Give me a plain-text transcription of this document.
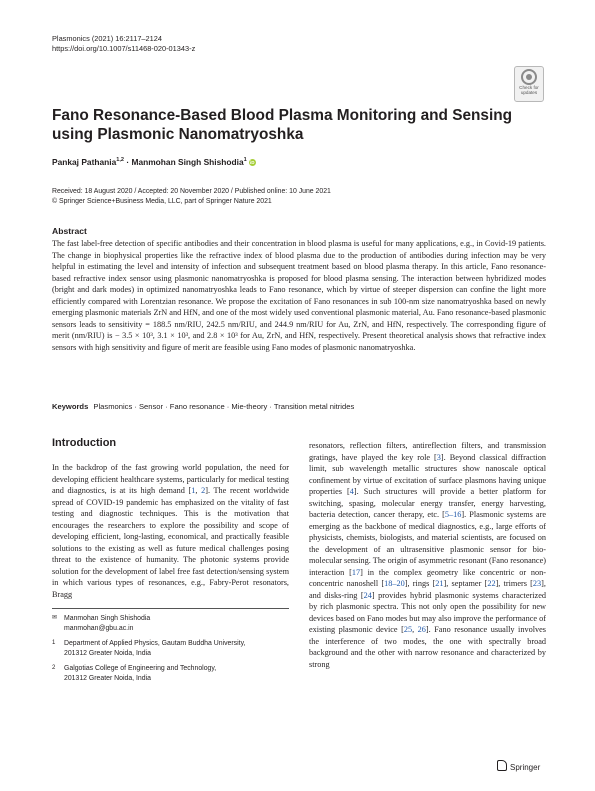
Plasmonics (2021) 16:2117–2124
https://doi.org/10.1007/s11468-020-01343-z
Check for
updates
Fano Resonance-Based Blood Plasma Monitoring and Sensing using Plasmonic Nanomatryoshka
Pankaj Pathania$^{1,2}$ · Manmohan Singh Shishodia$^1$ iD
Received: 18 August 2020 / Accepted: 20 November 2020 / Published online: 10 June 2021
© Springer Science+Business Media, LLC, part of Springer Nature 2021
Abstract

The fast label-free detection of specific antibodies and their concentration in blood plasma is useful for many applications, e.g., in Covid-19 patients. The change in biophysical properties like the refractive index of blood plasma due to the production of antibodies during infection may be very helpful in estimating the level and intensity of infection and subsequent treatment based on blood plasma therapy. In this article, Fano resonance-based refractive index sensor using plasmonic nanomatryoshka is proposed for blood plasma sensing. The interaction between hybridized modes (bright and dark modes) in optimized nanomatryoshka leads to Fano resonance, which by virtue of steeper dispersion can confine the light more efficiently compared with Lorentzian resonance. We propose the excitation of Fano resonances in sub 100-nm size nanomatryoshka based on newly emerging plasmonic materials ZrN and HfN, and one of the most widely used conventional plasmonic material, Au. Fano resonance-based plasmonic sensors leads to sensitivity = 188.5 nm/RIU, 242.5 nm/RIU, and 244.9 nm/RIU for Au, ZrN, and HfN, respectively. The corresponding figure of merit (nm/RIU) is − 3.5 × 10³, 3.1 × 10³, and 2.8 × 10³ for Au, ZrN, and HfN, respectively. Present theoretical analysis shows that refractive index sensors with high sensitivity and figure of merit are feasible using Fano modes of plasmonic nanomatryoshka.

Keywords Plasmonics · Sensor · Fano resonance · Mie-theory · Transition metal nitrides
Introduction

In the backdrop of the fast growing world population, the need for developing efficient healthcare systems, particularly for medical testing and diagnostics, is at its high demand [1, 2]. The recent worldwide spread of COVID-19 pandemic has emphasized on the vitality of fast testing and diagnostic techniques. This is the motivation that encourages the researchers to explore the possibility and scope of developing efficient, long-lasting, economical, and practically feasible solutions to the existing as well as future medical challenges posing threat to the existence of humanity. The photonic systems provide solution for the development of label free fast detection/sensing system in which various types of resonances, e.g., Fabry-Perot resonators, Bragg

resonators, reflection filters, antireflection filters, and transmission gratings, have played the key role [3]. Beyond classical diffraction limit, sub wavelength metallic structures show nanoscale optical confinement by virtue of excitation of surface plasmons having unique properties [4]. Such structures will provide a better platform for switching, spasing, molecular energy transfer, energy harvesting, bacteria detection, cancer therapy, etc. [5–16]. Plasmonic systems are emerging as the backbone of medical diagnostics, e.g., large efforts of physicists, chemists, biologists, and material scientists, are focused on the development of an ultrasensitive plasmonic sensor for bio-molecular sensing. The origin of asymmetric resonant (Fano resonance) interaction [17] in the complex geometry like concentric or non-concentric nanoshell [18–20], rings [21], septamer [22], trimers [23], and disks-ring [24] provides hybrid plasmonic systems characterized by rich plasmonic spectra. This not only open the possibility for new devices based on Fano modes but may also improve the performance of existing plasmonic device [25, 26]. Fano resonance usually involves the interference of two modes, the one with spectrally broad background and the other with narrow resonance and characterized by strong

✉ Manmohan Singh Shishodia
manmohan@gbu.ac.in
1 Department of Applied Physics, Gautam Buddha University,
201312 Greater Noida, India
2 Galgotias College of Engineering and Technology,
201312 Greater Noida, India
Springer
